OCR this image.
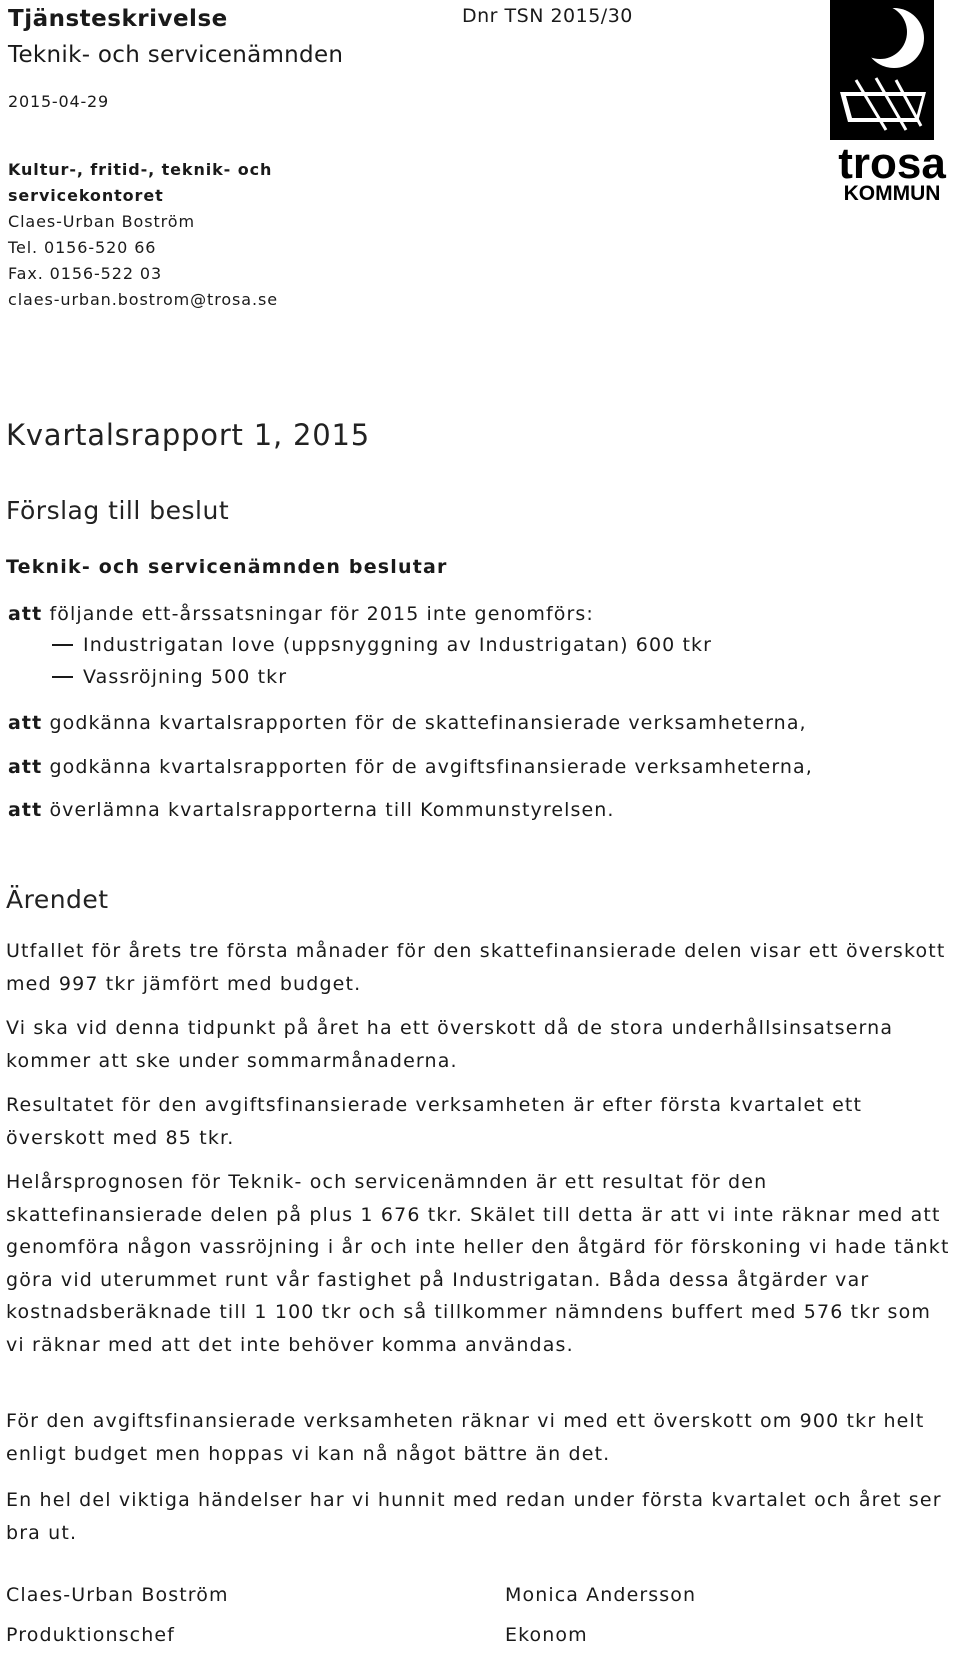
Tjänsteskrivelse
Teknik- och servicenämnden
2015-04-29
Dnr TSN 2015/30
Kultur-, fritid-, teknik- och
servicekontoret
Claes-Urban Boström
Tel. 0156-520 66
Fax. 0156-522 03
claes-urban.bostrom@trosa.se
trosa
KOMMUN
Kvartalsrapport 1, 2015
Förslag till beslut
Teknik- och servicenämnden beslutar
att följande ett-årssatsningar för 2015 inte genomförs:
Industrigatan love (uppsnyggning av Industrigatan) 600 tkr
Vassröjning 500 tkr
att godkänna kvartalsrapporten för de skattefinansierade verksamheterna,
att godkänna kvartalsrapporten för de avgiftsfinansierade verksamheterna,
att överlämna kvartalsrapporterna till Kommunstyrelsen.
Ärendet

Utfallet för årets tre första månader för den skattefinansierade delen visar ett överskott med 997 tkr jämfört med budget.

Vi ska vid denna tidpunkt på året ha ett överskott då de stora underhållsinsatserna kommer att ske under sommarmånaderna.

Resultatet för den avgiftsfinansierade verksamheten är efter första kvartalet ett överskott med 85 tkr.

Helårsprognosen för Teknik- och servicenämnden är ett resultat för den skattefinansierade delen på plus 1 676 tkr. Skälet till detta är att vi inte räknar med att genomföra någon vassröjning i år och inte heller den åtgärd för förskoning vi hade tänkt göra vid uterummet runt vår fastighet på Industrigatan. Båda dessa åtgärder var kostnadsberäknade till 1 100 tkr och så tillkommer nämndens buffert med 576 tkr som vi räknar med att det inte behöver komma användas.

För den avgiftsfinansierade verksamheten räknar vi med ett överskott om 900 tkr helt enligt budget men hoppas vi kan nå något bättre än det.

En hel del viktiga händelser har vi hunnit med redan under första kvartalet och året ser bra ut.

Claes-Urban Boström
Produktionschef
Monica Andersson
Ekonom
